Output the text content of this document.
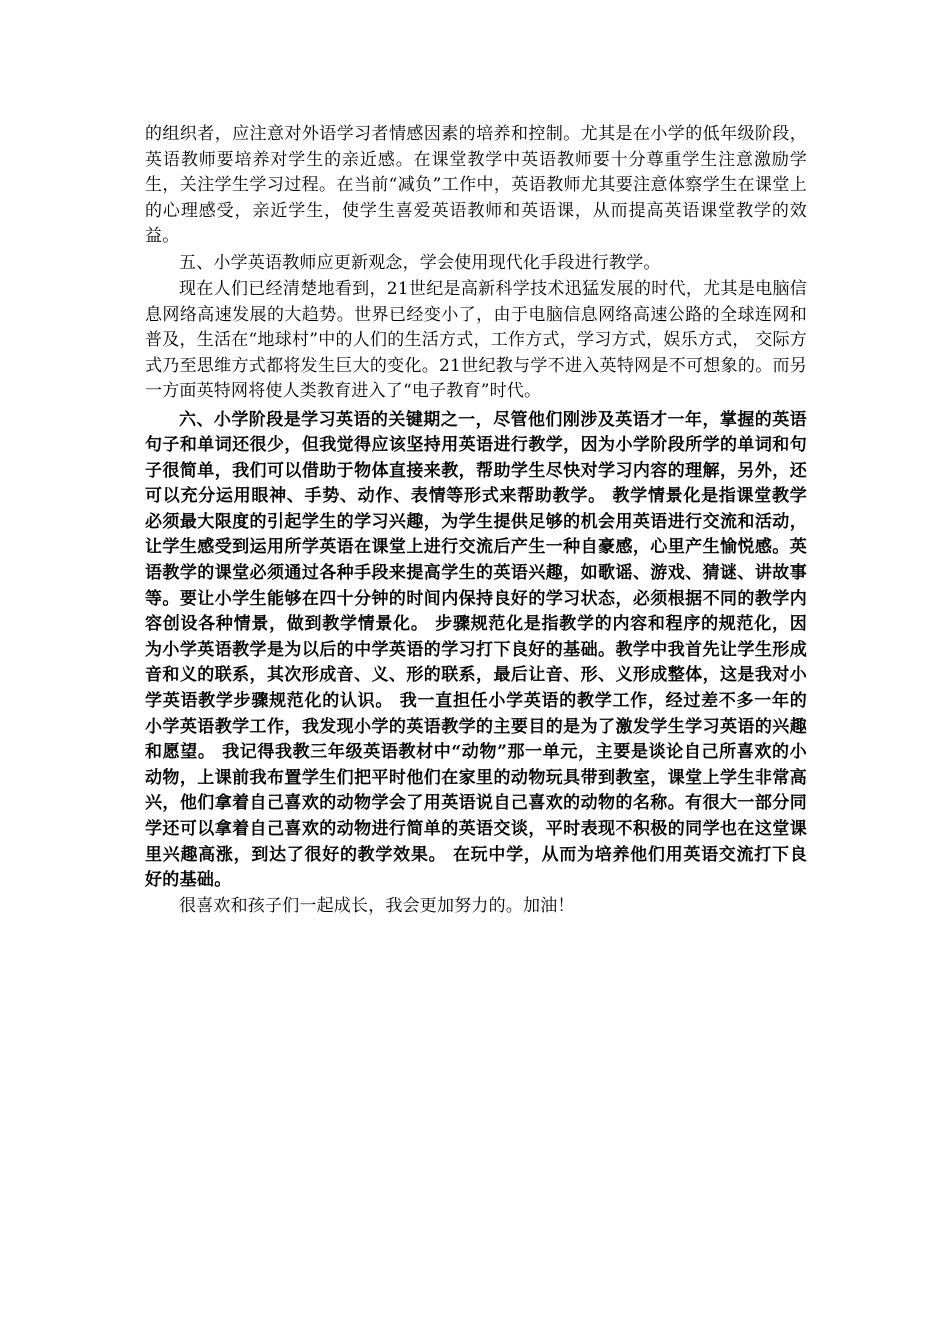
的组织者，应注意对外语学习者情感因素的培养和控制。尤其是在小学的低年级阶段，英语教师要培养对学生的亲近感。在课堂教学中英语教师要十分尊重学生注意激励学生，关注学生学习过程。在当前“减负”工作中，英语教师尤其要注意体察学生在课堂上的心理感受，亲近学生，使学生喜爱英语教师和英语课，从而提高英语课堂教学的效益。

五、小学英语教师应更新观念，学会使用现代化手段进行教学。

现在人们已经清楚地看到，21世纪是高新科学技术迅猛发展的时代，尤其是电脑信息网络高速发展的大趋势。世界已经变小了，由于电脑信息网络高速公路的全球连网和普及，生活在“地球村”中的人们的生活方式，工作方式，学习方式，娱乐方式， 交际方式乃至思维方式都将发生巨大的变化。21世纪教与学不进入英特网是不可想象的。而另一方面英特网将使人类教育进入了“电子教育”时代。

六、小学阶段是学习英语的关键期之一，尽管他们刚涉及英语才一年，掌握的英语句子和单词还很少，但我觉得应该坚持用英语进行教学，因为小学阶段所学的单词和句子很简单，我们可以借助于物体直接来教，帮助学生尽快对学习内容的理解，另外，还可以充分运用眼神、手势、动作、表情等形式来帮助教学。 教学情景化是指课堂教学必须最大限度的引起学生的学习兴趣，为学生提供足够的机会用英语进行交流和活动，让学生感受到运用所学英语在课堂上进行交流后产生一种自豪感，心里产生愉悦感。英语教学的课堂必须通过各种手段来提高学生的英语兴趣，如歌谣、游戏、猜谜、讲故事等。要让小学生能够在四十分钟的时间内保持良好的学习状态，必须根据不同的教学内容创设各种情景，做到教学情景化。 步骤规范化是指教学的内容和程序的规范化，因为小学英语教学是为以后的中学英语的学习打下良好的基础。教学中我首先让学生形成音和义的联系，其次形成音、义、形的联系，最后让音、形、义形成整体，这是我对小学英语教学步骤规范化的认识。 我一直担任小学英语的教学工作，经过差不多一年的小学英语教学工作，我发现小学的英语教学的主要目的是为了激发学生学习英语的兴趣和愿望。 我记得我教三年级英语教材中“动物”那一单元，主要是谈论自己所喜欢的小动物，上课前我布置学生们把平时他们在家里的动物玩具带到教室，课堂上学生非常高兴，他们拿着自己喜欢的动物学会了用英语说自己喜欢的动物的名称。有很大一部分同学还可以拿着自己喜欢的动物进行简单的英语交谈，平时表现不积极的同学也在这堂课里兴趣高涨，到达了很好的教学效果。 在玩中学，从而为培养他们用英语交流打下良好的基础。

很喜欢和孩子们一起成长，我会更加努力的。加油！
